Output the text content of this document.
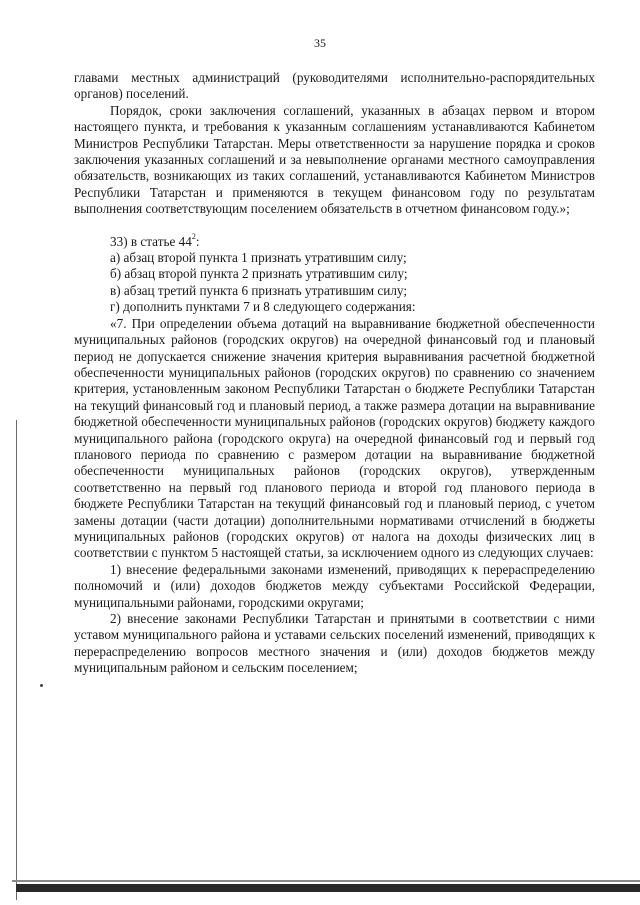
35

главами местных администраций (руководителями исполнительно-распорядительных органов) поселений.

Порядок, сроки заключения соглашений, указанных в абзацах первом и втором настоящего пункта, и требования к указанным соглашениям устанавливаются Кабинетом Министров Республики Татарстан. Меры ответственности за нарушение порядка и сроков заключения указанных соглашений и за невыполнение органами местного самоуправления обязательств, возникающих из таких соглашений, устанавливаются Кабинетом Министров Республики Татарстан и применяются в текущем финансовом году по результатам выполнения соответствующим поселением обязательств в отчетном финансовом году.»;

33) в статье $44^2$:

а) абзац второй пункта 1 признать утратившим силу;

б) абзац второй пункта 2 признать утратившим силу;

в) абзац третий пункта 6 признать утратившим силу;

г) дополнить пунктами 7 и 8 следующего содержания:

«7. При определении объема дотаций на выравнивание бюджетной обеспеченности муниципальных районов (городских округов) на очередной финансовый год и плановый период не допускается снижение значения критерия выравнивания расчетной бюджетной обеспеченности муниципальных районов (городских округов) по сравнению со значением критерия, установленным законом Республики Татарстан о бюджете Республики Татарстан на текущий финансовый год и плановый период, а также размера дотации на выравнивание бюджетной обеспеченности муниципальных районов (городских округов) бюджету каждого муниципального района (городского округа) на очередной финансовый год и первый год планового периода по сравнению с размером дотации на выравнивание бюджетной обеспеченности муниципальных районов (городских округов), утвержденным соответственно на первый год планового периода и второй год планового периода в бюджете Республики Татарстан на текущий финансовый год и плановый период, с учетом замены дотации (части дотации) дополнительными нормативами отчислений в бюджеты муниципальных районов (городских округов) от налога на доходы физических лиц в соответствии с пунктом 5 настоящей статьи, за исключением одного из следующих случаев:

1) внесение федеральными законами изменений, приводящих к перераспределению полномочий и (или) доходов бюджетов между субъектами Российской Федерации, муниципальными районами, городскими округами;

2) внесение законами Республики Татарстан и принятыми в соответствии с ними уставом муниципального района и уставами сельских поселений изменений, приводящих к перераспределению вопросов местного значения и (или) доходов бюджетов между муниципальным районом и сельским поселением;
